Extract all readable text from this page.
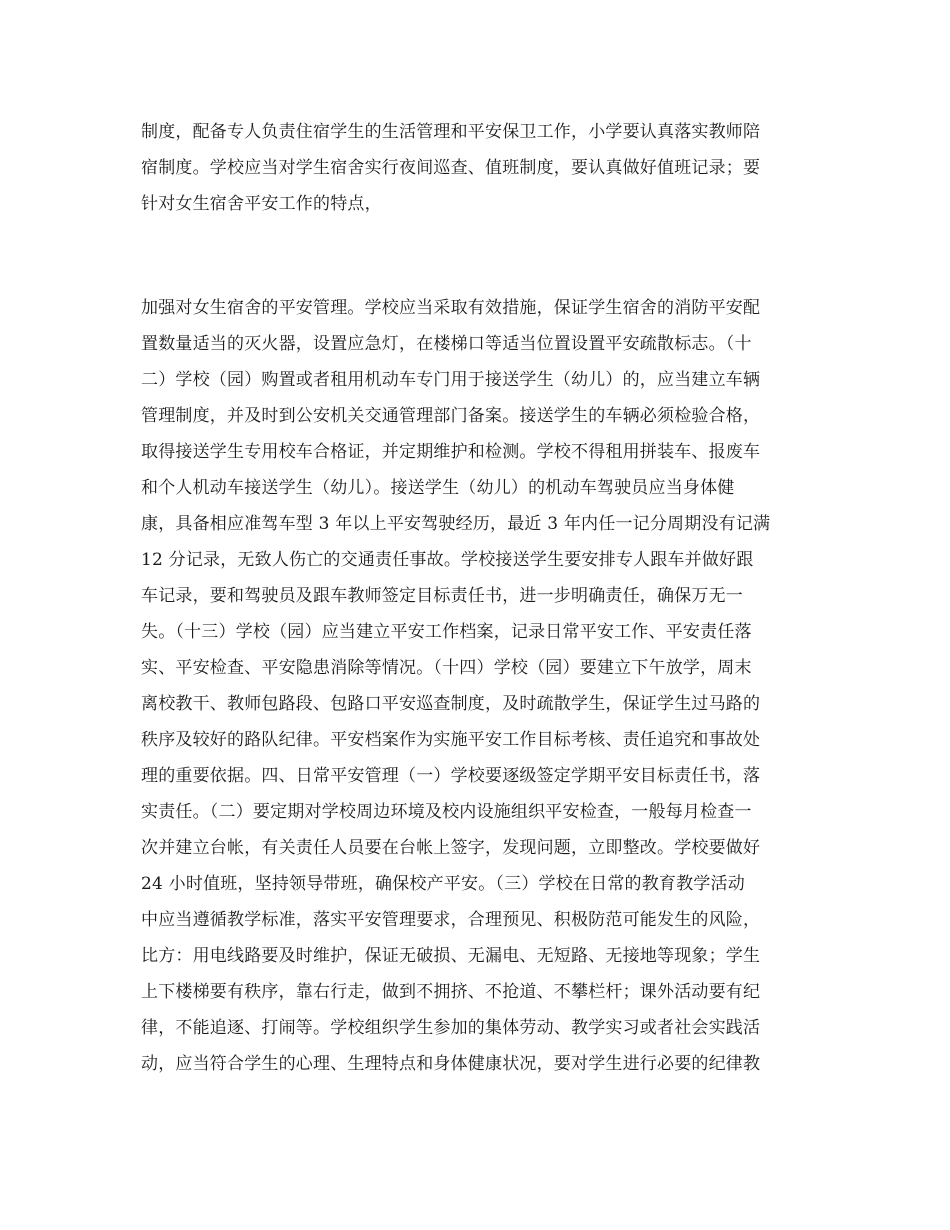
制度，配备专人负责住宿学生的生活管理和平安保卫工作，小学要认真落实教师陪
宿制度。学校应当对学生宿舍实行夜间巡查、值班制度，要认真做好值班记录；要
针对女生宿舍平安工作的特点，
加强对女生宿舍的平安管理。学校应当采取有效措施，保证学生宿舍的消防平安配
置数量适当的灭火器，设置应急灯，在楼梯口等适当位置设置平安疏散标志。（十
二）学校（园）购置或者租用机动车专门用于接送学生（幼儿）的，应当建立车辆
管理制度，并及时到公安机关交通管理部门备案。接送学生的车辆必须检验合格，
取得接送学生专用校车合格证，并定期维护和检测。学校不得租用拼装车、报废车
和个人机动车接送学生（幼儿）。接送学生（幼儿）的机动车驾驶员应当身体健
康，具备相应准驾车型 3 年以上平安驾驶经历，最近 3 年内任一记分周期没有记满
12 分记录，无致人伤亡的交通责任事故。学校接送学生要安排专人跟车并做好跟
车记录，要和驾驶员及跟车教师签定目标责任书，进一步明确责任，确保万无一
失。（十三）学校（园）应当建立平安工作档案，记录日常平安工作、平安责任落
实、平安检查、平安隐患消除等情况。（十四）学校（园）要建立下午放学，周末
离校教干、教师包路段、包路口平安巡查制度，及时疏散学生，保证学生过马路的
秩序及较好的路队纪律。平安档案作为实施平安工作目标考核、责任追究和事故处
理的重要依据。四、日常平安管理（一）学校要逐级签定学期平安目标责任书，落
实责任。（二）要定期对学校周边环境及校内设施组织平安检查，一般每月检查一
次并建立台帐，有关责任人员要在台帐上签字，发现问题，立即整改。学校要做好
24 小时值班，坚持领导带班，确保校产平安。（三）学校在日常的教育教学活动
中应当遵循教学标准，落实平安管理要求，合理预见、积极防范可能发生的风险，
比方：用电线路要及时维护，保证无破损、无漏电、无短路、无接地等现象；学生
上下楼梯要有秩序，靠右行走，做到不拥挤、不抢道、不攀栏杆；课外活动要有纪
律，不能追逐、打闹等。学校组织学生参加的集体劳动、教学实习或者社会实践活
动，应当符合学生的心理、生理特点和身体健康状况，要对学生进行必要的纪律教
